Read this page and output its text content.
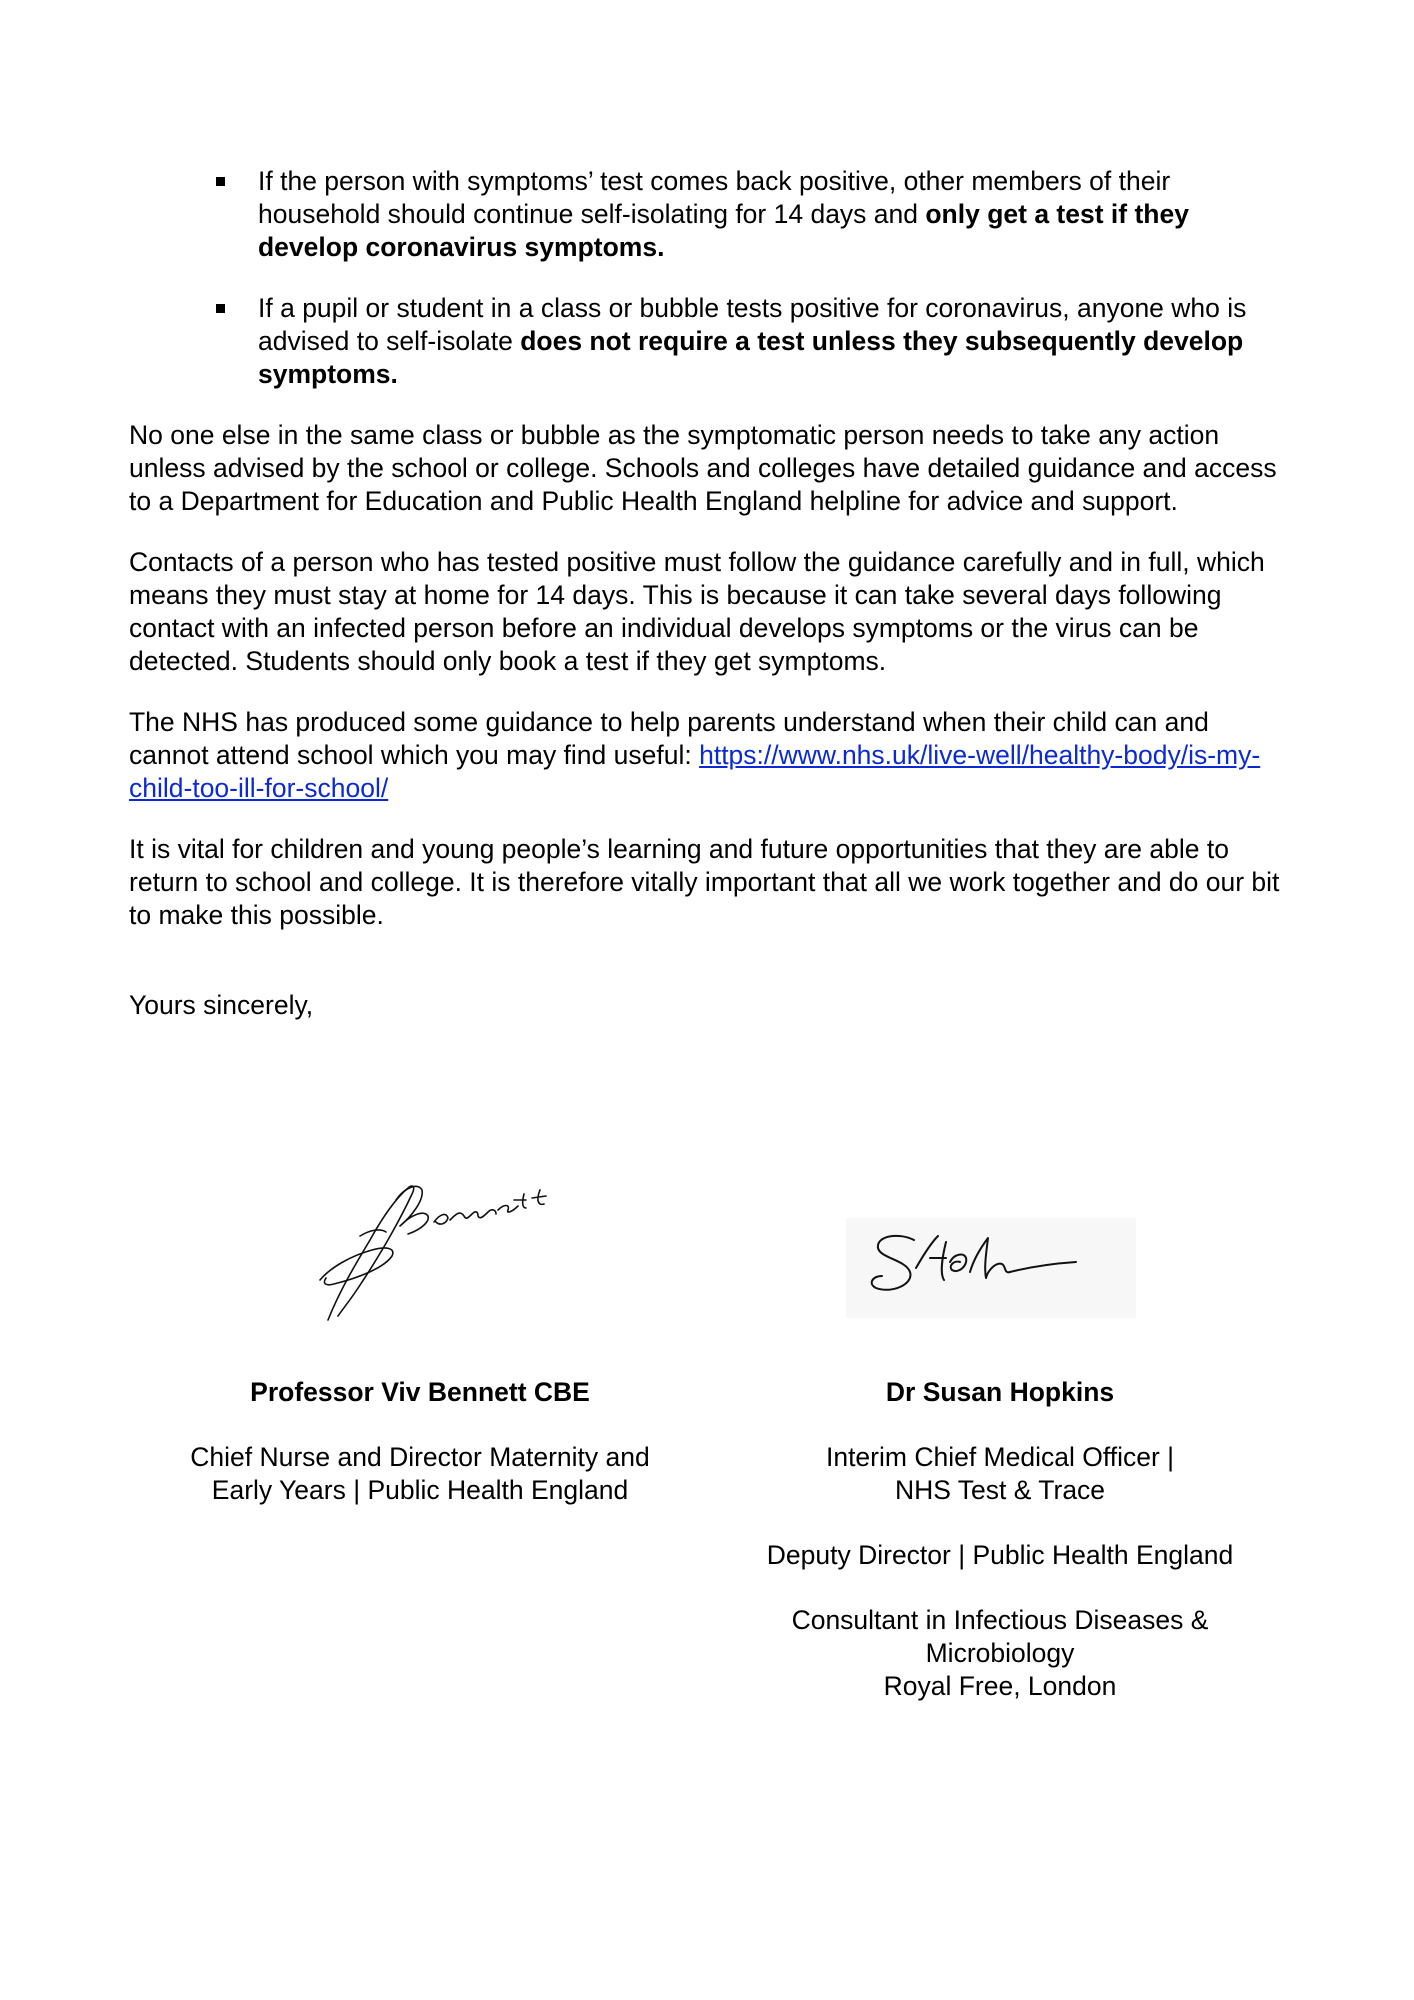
If the person with symptoms’ test comes back positive, other members of their household should continue self-isolating for 14 days and only get a test if they develop coronavirus symptoms.
If a pupil or student in a class or bubble tests positive for coronavirus, anyone who is advised to self-isolate does not require a test unless they subsequently develop symptoms.

No one else in the same class or bubble as the symptomatic person needs to take any action unless advised by the school or college. Schools and colleges have detailed guidance and access to a Department for Education and Public Health England helpline for advice and support.

Contacts of a person who has tested positive must follow the guidance carefully and in full, which means they must stay at home for 14 days. This is because it can take several days following contact with an infected person before an individual develops symptoms or the virus can be detected. Students should only book a test if they get symptoms.

The NHS has produced some guidance to help parents understand when their child can and cannot attend school which you may find useful: https://www.nhs.uk/live-well/healthy-body/is-my-child-too-ill-for-school/

It is vital for children and young people’s learning and future opportunities that they are able to return to school and college. It is therefore vitally important that all we work together and do our bit to make this possible.

Yours sincerely,

Professor Viv Bennett CBE

Chief Nurse and Director Maternity and
Early Years | Public Health England

Dr Susan Hopkins

Interim Chief Medical Officer |
NHS Test & Trace

Deputy Director | Public Health England

Consultant in Infectious Diseases &
Microbiology
Royal Free, London
